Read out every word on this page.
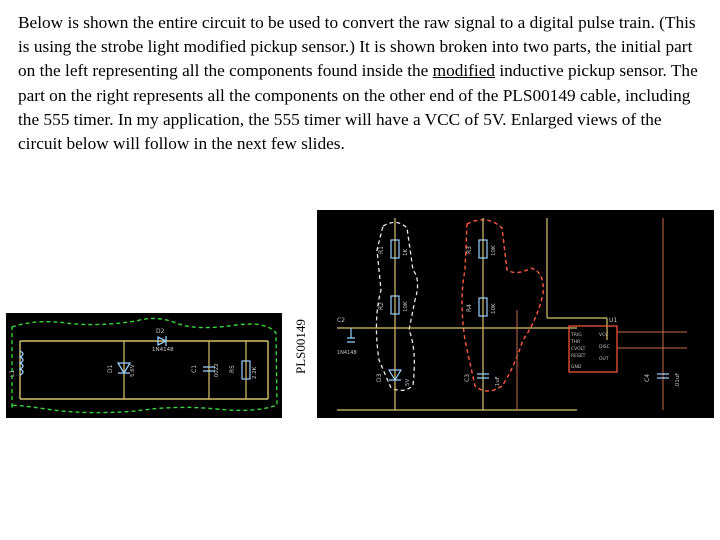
Below is shown the entire circuit to be used to convert the raw signal to a digital pulse train. (This is using the strobe light modified pickup sensor.) It is shown broken into two parts, the initial part on the left representing all the components found inside the modified inductive pickup sensor. The part on the right represents all the components on the other end of the PLS00149 cable, including the 555 timer. In my application, the 555 timer will have a VCC of 5V. Enlarged views of the circuit below will follow in the next few slides.

L1
D2
1N4148
D1	5.6V	C1	.0022 R5	2.2K	PLS00149	U1
TRIG
THR
CVOLT
RESET
VCC
DISC
OUT
GND
R1	1K
R2	10K
R3	10K
R4	10K
C2
1N4148
D3
5V
C3	.1uF	C4	.01uF
